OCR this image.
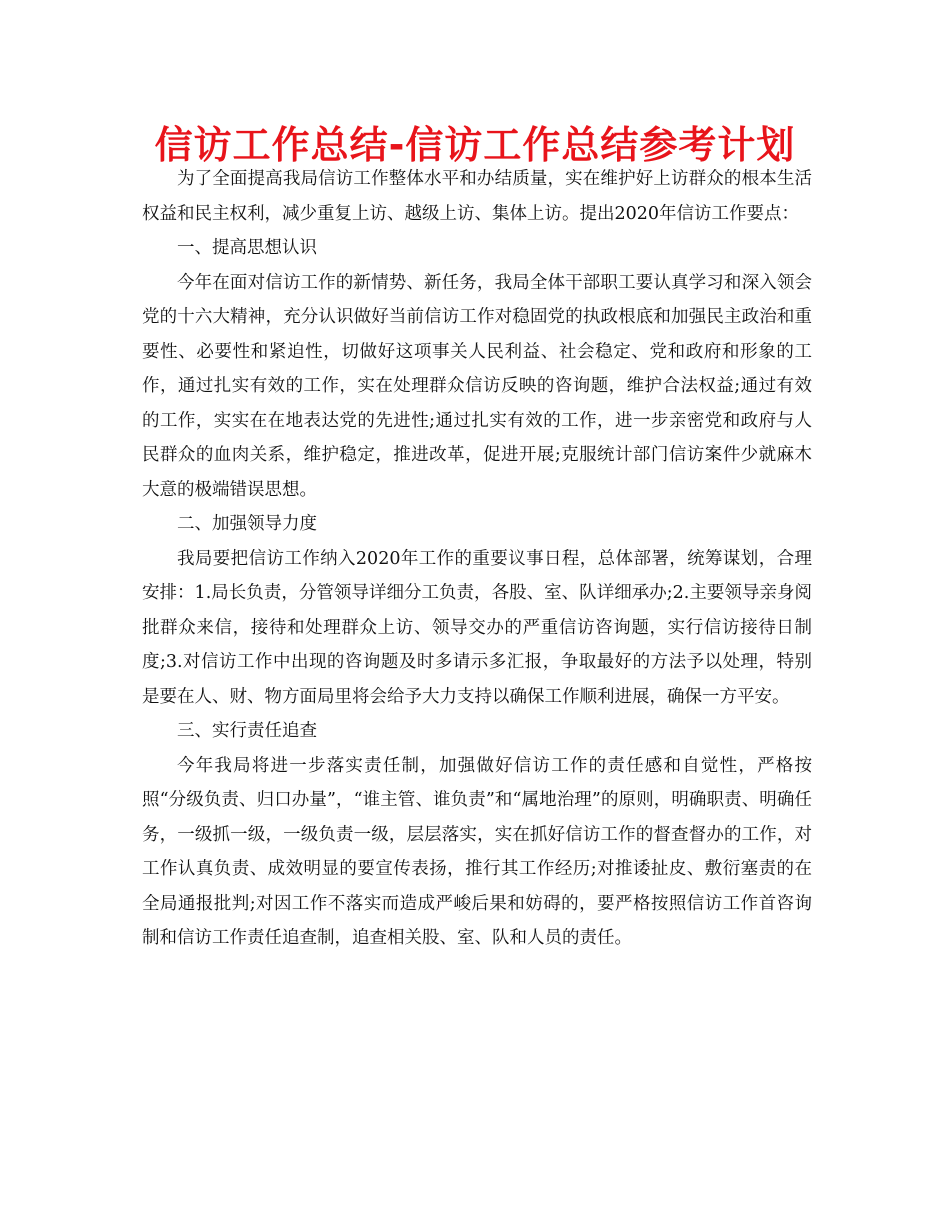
信访工作总结-信访工作总结参考计划

为了全面提高我局信访工作整体水平和办结质量，实在维护好上访群众的根本生活权益和民主权利，减少重复上访、越级上访、集体上访。提出2020年信访工作要点：

一、提高思想认识

今年在面对信访工作的新情势、新任务，我局全体干部职工要认真学习和深入领会党的十六大精神，充分认识做好当前信访工作对稳固党的执政根底和加强民主政治和重要性、必要性和紧迫性，切做好这项事关人民利益、社会稳定、党和政府和形象的工作，通过扎实有效的工作，实在处理群众信访反映的咨询题，维护合法权益;通过有效的工作，实实在在地表达党的先进性;通过扎实有效的工作，进一步亲密党和政府与人民群众的血肉关系，维护稳定，推进改革，促进开展;克服统计部门信访案件少就麻木大意的极端错误思想。

二、加强领导力度

我局要把信访工作纳入2020年工作的重要议事日程，总体部署，统筹谋划，合理安排：1.局长负责，分管领导详细分工负责，各股、室、队详细承办;2.主要领导亲身阅批群众来信，接待和处理群众上访、领导交办的严重信访咨询题，实行信访接待日制度;3.对信访工作中出现的咨询题及时多请示多汇报，争取最好的方法予以处理，特别是要在人、财、物方面局里将会给予大力支持以确保工作顺利进展，确保一方平安。

三、实行责任追查

今年我局将进一步落实责任制，加强做好信访工作的责任感和自觉性，严格按照“分级负责、归口办量”，“谁主管、谁负责”和“属地治理”的原则，明确职责、明确任务，一级抓一级，一级负责一级，层层落实，实在抓好信访工作的督查督办的工作，对工作认真负责、成效明显的要宣传表扬，推行其工作经历;对推诿扯皮、敷衍塞责的在全局通报批判;对因工作不落实而造成严峻后果和妨碍的，要严格按照信访工作首咨询制和信访工作责任追查制，追查相关股、室、队和人员的责任。
